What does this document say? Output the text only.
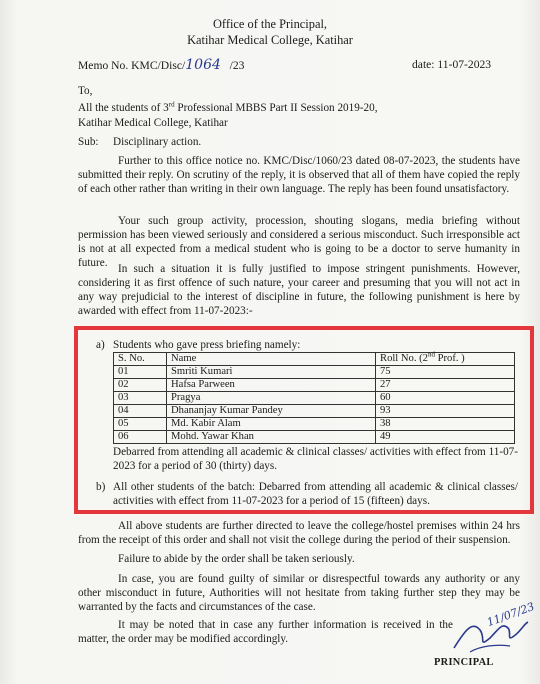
Office of the Principal,
Katihar Medical College, Katihar
Memo No. KMC/Disc/1064 /23	date: 11-07-2023
To,
All the students of 3rd Professional MBBS Part II Session 2019-20,
Katihar Medical College, Katihar
Sub: Disciplinary action.
Further to this office notice no. KMC/Disc/1060/23 dated 08-07-2023, the students have submitted their reply. On scrutiny of the reply, it is observed that all of them have copied the reply of each other rather than writing in their own language. The reply has been found unsatisfactory.
Your such group activity, procession, shouting slogans, media briefing without permission has been viewed seriously and considered a serious misconduct. Such irresponsible act is not at all expected from a medical student who is going to be a doctor to serve humanity in future. In such a situation it is fully justified to impose stringent punishments. However, considering it as first offence of such nature, your career and presuming that you will not act in any way prejudicial to the interest of discipline in future, the following punishment is here by awarded with effect from 11-07-2023:-
a) Students who gave press briefing namely:
S. No.	Name	Roll No. (2nd Prof. )
01	Smriti Kumari	75
02	Hafsa Parween	27
03	Pragya	60
04	Dhananjay Kumar Pandey	93
05	Md. Kabir Alam	38
06	Mohd. Yawar Khan	49
Debarred from attending all academic & clinical classes/ activities with effect from 11-07-2023 for a period of 30 (thirty) days.
b) All other students of the batch: Debarred from attending all academic & clinical classes/ activities with effect from 11-07-2023 for a period of 15 (fifteen) days.
All above students are further directed to leave the college/hostel premises within 24 hrs from the receipt of this order and shall not visit the college during the period of their suspension.
Failure to abide by the order shall be taken seriously.
In case, you are found guilty of similar or disrespectful towards any authority or any other misconduct in future, Authorities will not hesitate from taking further step they may be warranted by the facts and circumstances of the case.
It may be noted that in case any further information is received in the matter, the order may be modified accordingly.
11/07/23
PRINCIPAL
